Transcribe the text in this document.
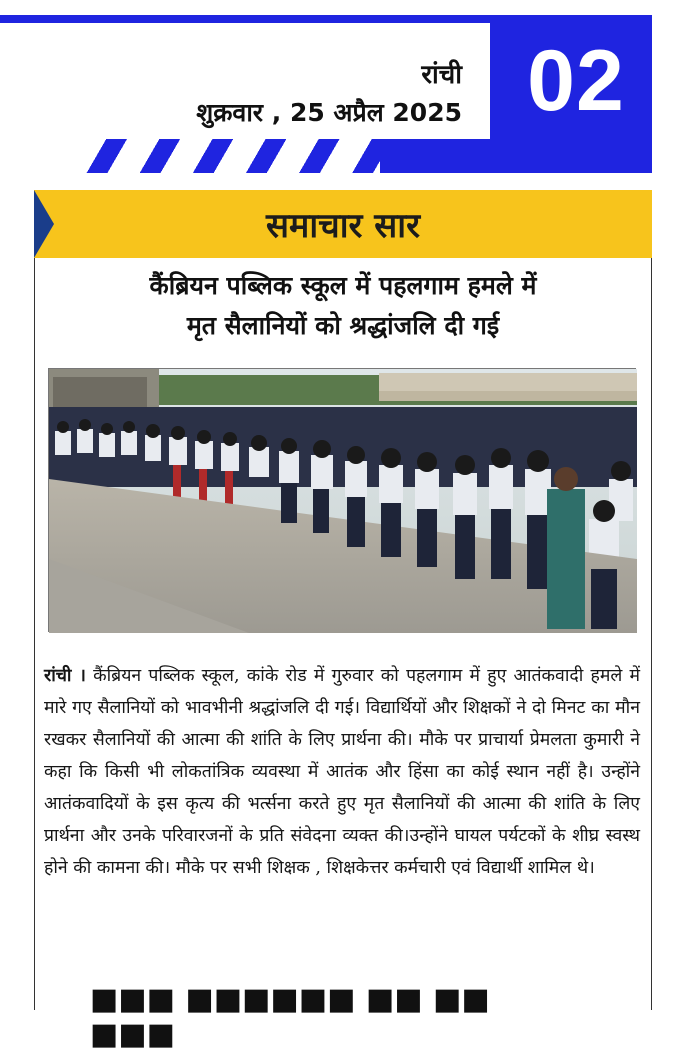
रांची
शुक्रवार , 25 अप्रैल 2025 02
समाचार सार
कैंब्रियन पब्लिक स्कूल में पहलगाम हमले में
मृत सैलानियों को श्रद्धांजलि दी गई
रांची । कैंब्रियन पब्लिक स्कूल, कांके रोड में गुरुवार को पहलगाम में हुए आतंकवादी हमले में मारे गए सैलानियों को भावभीनी श्रद्धांजलि दी गई। विद्यार्थियों और शिक्षकों ने दो मिनट का मौन रखकर सैलानियों की आत्मा की शांति के लिए प्रार्थना की। मौके पर प्राचार्या प्रेमलता कुमारी ने कहा कि किसी भी लोकतांत्रिक व्यवस्था में आतंक और हिंसा का कोई स्थान नहीं है। उन्होंने आतंकवादियों के इस कृत्य की भर्त्सना करते हुए मृत सैलानियों की आत्मा की शांति के लिए प्रार्थना और उनके परिवारजनों के प्रति संवेदना व्यक्त की।उन्होंने घायल पर्यटकों के शीघ्र स्वस्थ होने की कामना की। मौके पर सभी शिक्षक , शिक्षकेत्तर कर्मचारी एवं विद्यार्थी शामिल थे।
■■■ ■■■■■■ ■■ ■■ ■■■
